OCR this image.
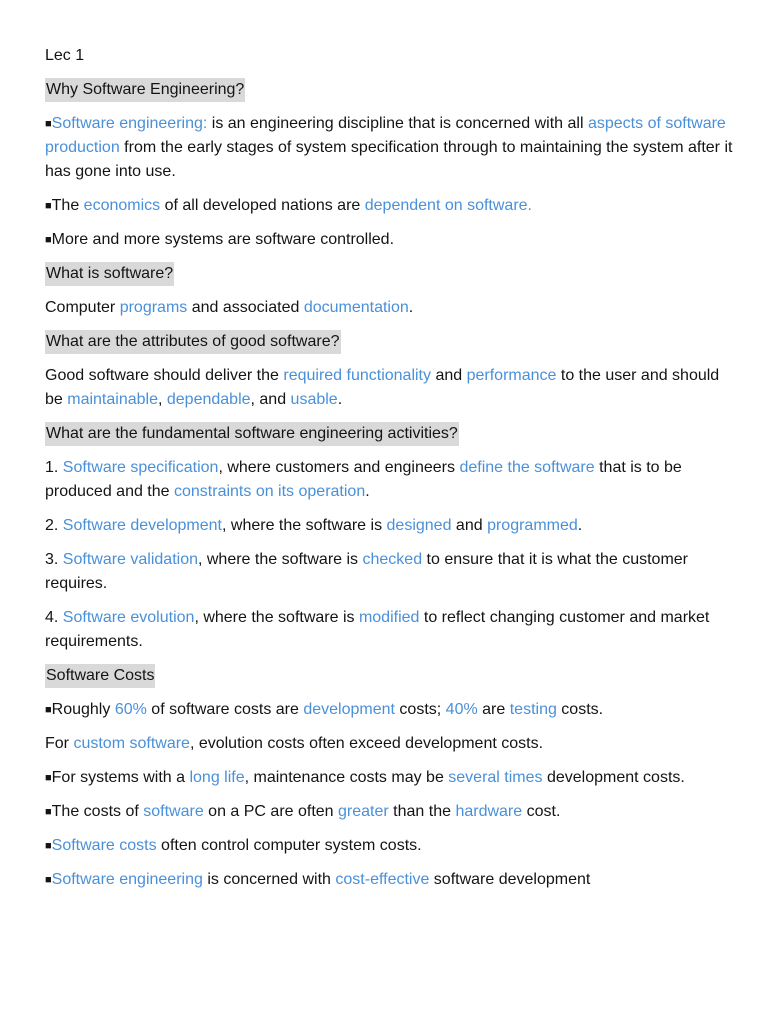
Lec 1
Why Software Engineering?
■Software engineering: is an engineering discipline that is concerned with all aspects of software production from the early stages of system specification through to maintaining the system after it has gone into use.
■The economics of all developed nations are dependent on software.
■More and more systems are software controlled.
What is software?
Computer programs and associated documentation.
What are the attributes of good software?
Good software should deliver the required functionality and performance to the user and should be maintainable, dependable, and usable.
What are the fundamental software engineering activities?
1. Software specification, where customers and engineers define the software that is to be produced and the constraints on its operation.
2. Software development, where the software is designed and programmed.
3. Software validation, where the software is checked to ensure that it is what the customer requires.
4. Software evolution, where the software is modified to reflect changing customer and market requirements.
Software Costs
■Roughly 60% of software costs are development costs; 40% are testing costs.
For custom software, evolution costs often exceed development costs.
■For systems with a long life, maintenance costs may be several times development costs.
■The costs of software on a PC are often greater than the hardware cost.
■Software costs often control computer system costs.
■Software engineering is concerned with cost-effective software development
